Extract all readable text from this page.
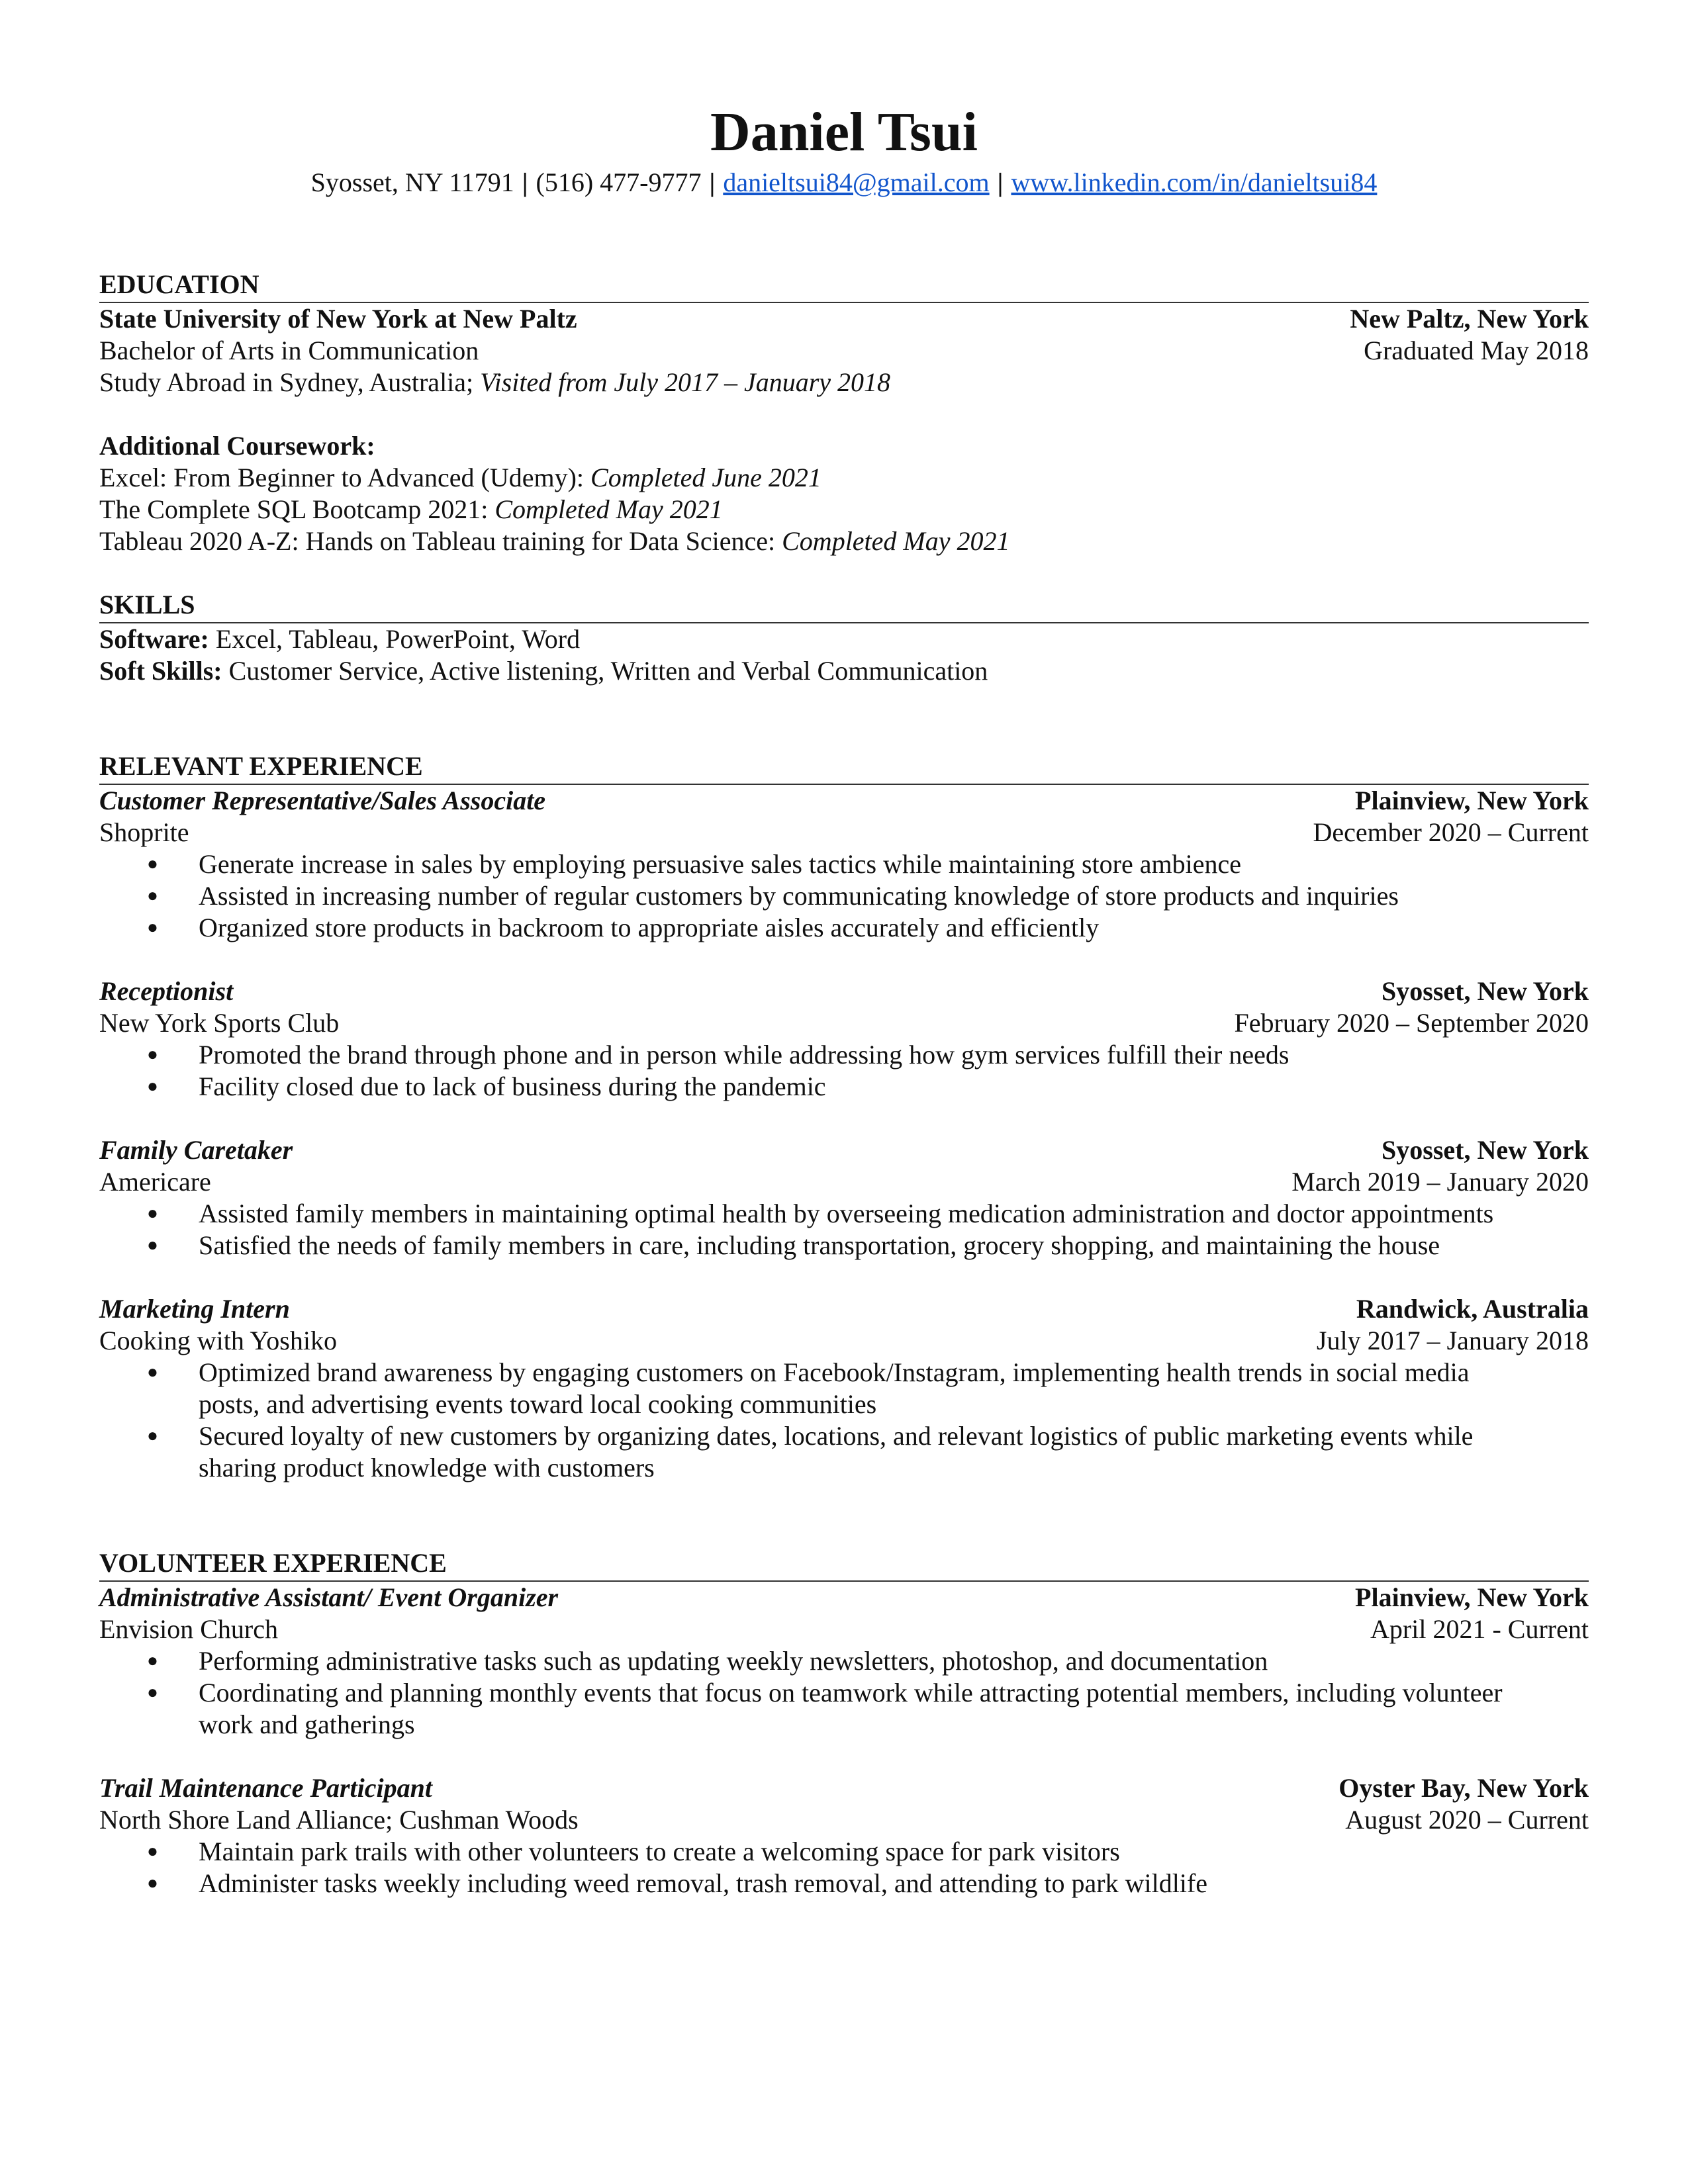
Daniel Tsui
Syosset, NY 11791 | (516) 477-9777 | danieltsui84@gmail.com | www.linkedin.com/in/danieltsui84
EDUCATION
State University of New York at New Paltz	New Paltz, New York
Bachelor of Arts in Communication	Graduated May 2018
Study Abroad in Sydney, Australia; Visited from July 2017 – January 2018
Additional Coursework:
Excel: From Beginner to Advanced (Udemy): Completed June 2021
The Complete SQL Bootcamp 2021: Completed May 2021
Tableau 2020 A-Z: Hands on Tableau training for Data Science: Completed May 2021
SKILLS
Software: Excel, Tableau, PowerPoint, Word
Soft Skills: Customer Service, Active listening, Written and Verbal Communication
RELEVANT EXPERIENCE
Customer Representative/Sales Associate	Plainview, New York
Shoprite	December 2020 – Current
● Generate increase in sales by employing persuasive sales tactics while maintaining store ambience
● Assisted in increasing number of regular customers by communicating knowledge of store products and inquiries
● Organized store products in backroom to appropriate aisles accurately and efficiently
Receptionist	Syosset, New York
New York Sports Club	February 2020 – September 2020
● Promoted the brand through phone and in person while addressing how gym services fulfill their needs
● Facility closed due to lack of business during the pandemic
Family Caretaker	Syosset, New York
Americare	March 2019 – January 2020
● Assisted family members in maintaining optimal health by overseeing medication administration and doctor appointments
● Satisfied the needs of family members in care, including transportation, grocery shopping, and maintaining the house
Marketing Intern	Randwick, Australia
Cooking with Yoshiko	July 2017 – January 2018
● Optimized brand awareness by engaging customers on Facebook/Instagram, implementing health trends in social media posts, and advertising events toward local cooking communities
● Secured loyalty of new customers by organizing dates, locations, and relevant logistics of public marketing events while sharing product knowledge with customers
VOLUNTEER EXPERIENCE
Administrative Assistant/ Event Organizer	Plainview, New York
Envision Church	April 2021 - Current
● Performing administrative tasks such as updating weekly newsletters, photoshop, and documentation
● Coordinating and planning monthly events that focus on teamwork while attracting potential members, including volunteer work and gatherings
Trail Maintenance Participant	Oyster Bay, New York
North Shore Land Alliance; Cushman Woods	August 2020 – Current
● Maintain park trails with other volunteers to create a welcoming space for park visitors
● Administer tasks weekly including weed removal, trash removal, and attending to park wildlife
